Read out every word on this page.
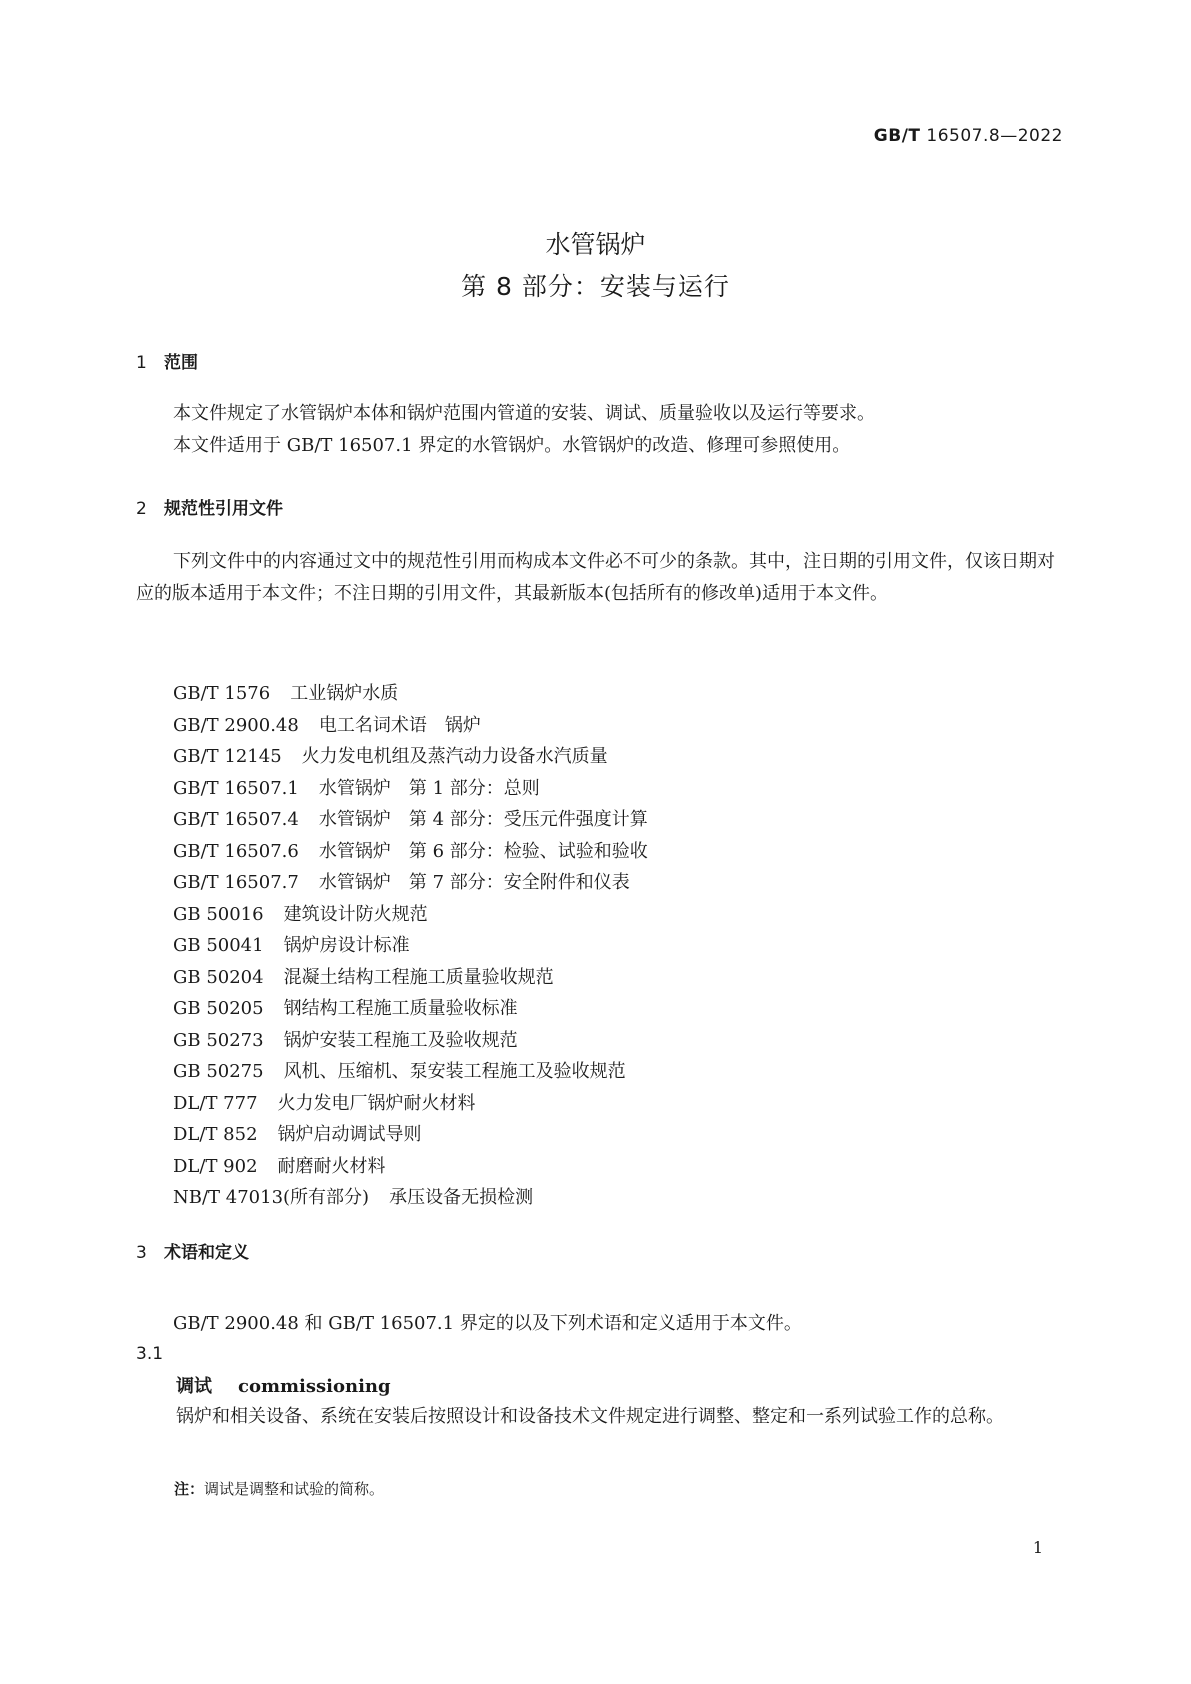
GB/T 16507.8—2022
水管锅炉
第 8 部分：安装与运行
1 范围

本文件规定了水管锅炉本体和锅炉范围内管道的安装、调试、质量验收以及运行等要求。

本文件适用于 GB/T 16507.1 界定的水管锅炉。水管锅炉的改造、修理可参照使用。

2 规范性引用文件

下列文件中的内容通过文中的规范性引用而构成本文件必不可少的条款。其中，注日期的引用文件，仅该日期对应的版本适用于本文件；不注日期的引用文件，其最新版本(包括所有的修改单)适用于本文件。

GB/T 1576 工业锅炉水质
GB/T 2900.48 电工名词术语　锅炉
GB/T 12145 火力发电机组及蒸汽动力设备水汽质量
GB/T 16507.1 水管锅炉　第 1 部分：总则
GB/T 16507.4 水管锅炉　第 4 部分：受压元件强度计算
GB/T 16507.6 水管锅炉　第 6 部分：检验、试验和验收
GB/T 16507.7 水管锅炉　第 7 部分：安全附件和仪表
GB 50016 建筑设计防火规范
GB 50041 锅炉房设计标准
GB 50204 混凝土结构工程施工质量验收规范
GB 50205 钢结构工程施工质量验收标准
GB 50273 锅炉安装工程施工及验收规范
GB 50275 风机、压缩机、泵安装工程施工及验收规范
DL/T 777 火力发电厂锅炉耐火材料
DL/T 852 锅炉启动调试导则
DL/T 902 耐磨耐火材料
NB/T 47013(所有部分) 承压设备无损检测
3 术语和定义

GB/T 2900.48 和 GB/T 16507.1 界定的以及下列术语和定义适用于本文件。

3.1
调试 commissioning

锅炉和相关设备、系统在安装后按照设计和设备技术文件规定进行调整、整定和一系列试验工作的总称。

注：调试是调整和试验的简称。
1
